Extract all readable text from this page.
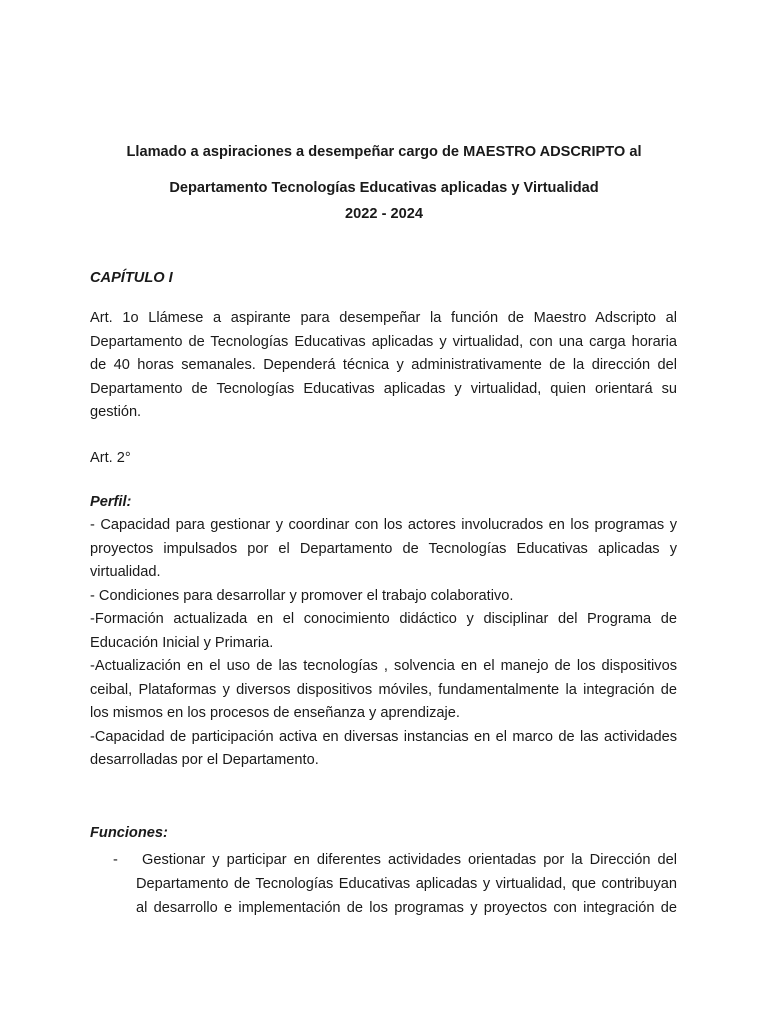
Llamado a aspiraciones a desempeñar cargo de MAESTRO ADSCRIPTO al
Departamento Tecnologías Educativas aplicadas y Virtualidad
2022 - 2024
CAPÍTULO I
Art. 1o Llámese a aspirante para desempeñar la función de Maestro Adscripto al
Departamento de Tecnologías Educativas aplicadas y virtualidad, con una carga horaria
de 40 horas semanales. Dependerá técnica y administrativamente de la dirección del
Departamento de Tecnologías Educativas aplicadas y virtualidad, quien orientará su
gestión.
Art. 2°
Perfil:
- Capacidad para gestionar y coordinar con los actores involucrados en los programas y
proyectos impulsados por el Departamento de Tecnologías Educativas aplicadas y
virtualidad.
- Condiciones para desarrollar y promover el trabajo colaborativo.
-Formación actualizada en el conocimiento didáctico y disciplinar del Programa de
Educación Inicial y Primaria.
-Actualización en el uso de las tecnologías , solvencia en el manejo de los dispositivos
ceibal, Plataformas y diversos dispositivos móviles, fundamentalmente la integración de
los mismos en los procesos de enseñanza y aprendizaje.
-Capacidad de participación activa en diversas instancias en el marco de las actividades
desarrolladas por el Departamento.
Funciones:
-	Gestionar y participar en diferentes actividades orientadas por la Dirección del
Departamento de Tecnologías Educativas aplicadas y virtualidad, que contribuyan
al desarrollo e implementación de los programas y proyectos con integración de
